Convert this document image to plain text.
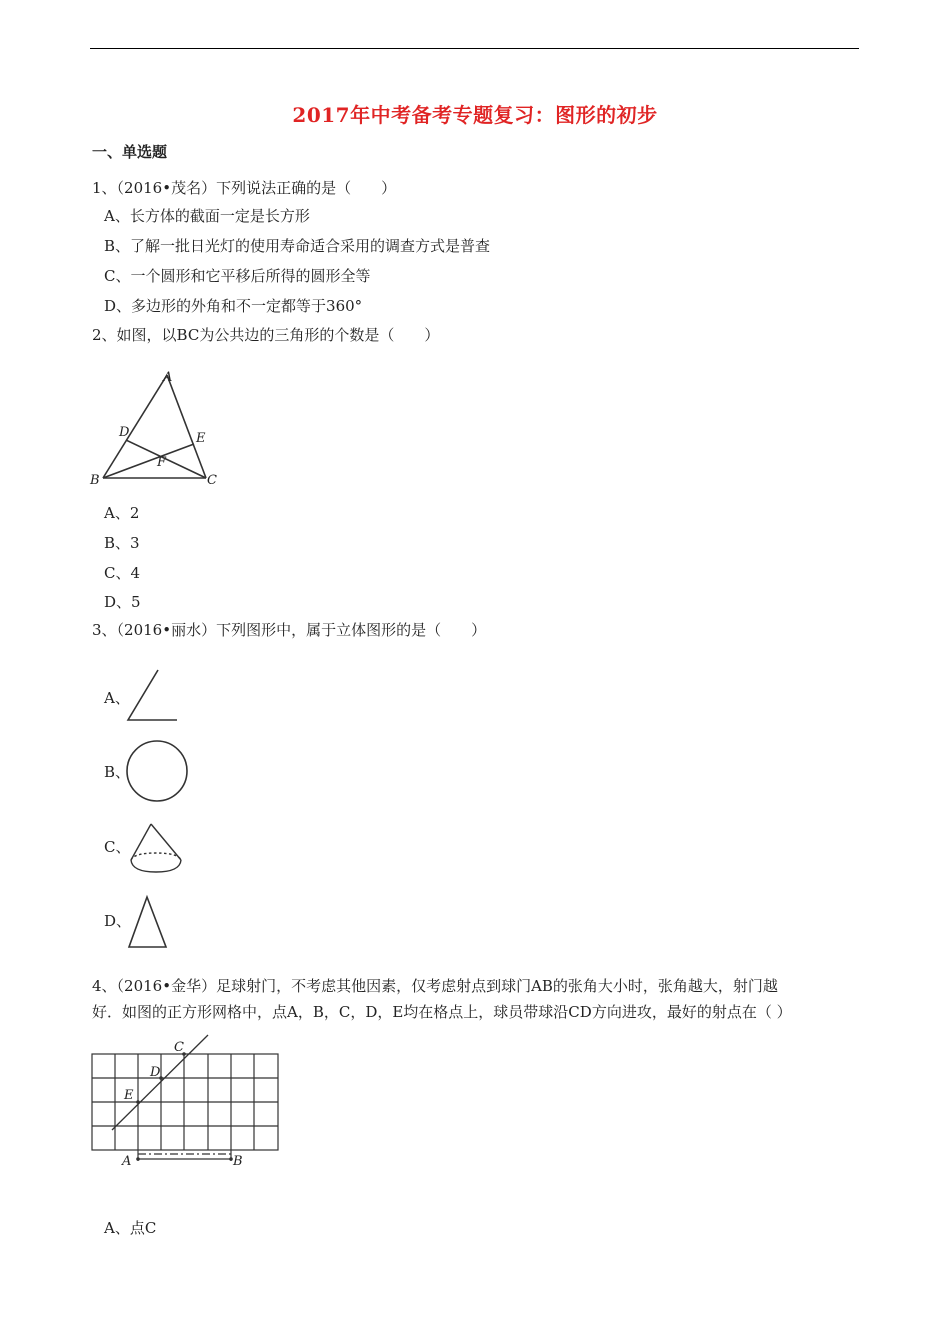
2017年中考备考专题复习：图形的初步
一、单选题
1、（2016•茂名）下列说法正确的是（　　）
A、长方体的截面一定是长方形
B、了解一批日光灯的使用寿命适合采用的调查方式是普查
C、一个圆形和它平移后所得的圆形全等
D、多边形的外角和不一定都等于360°
2、如图，以BC为公共边的三角形的个数是（　　）
A
B	C
D	E
F
A、2
B、3
C、4
D、5
3、（2016•丽水）下列图形中，属于立体图形的是（　　）
A、
B、
C、
D、
4、（2016•金华）足球射门，不考虑其他因素，仅考虑射点到球门AB的张角大小时，张角越大，射门越
好．如图的正方形网格中，点A，B，C，D，E均在格点上，球员带球沿CD方向进攻，最好的射点在（ ）
C
D
E
A	B
A、点C
